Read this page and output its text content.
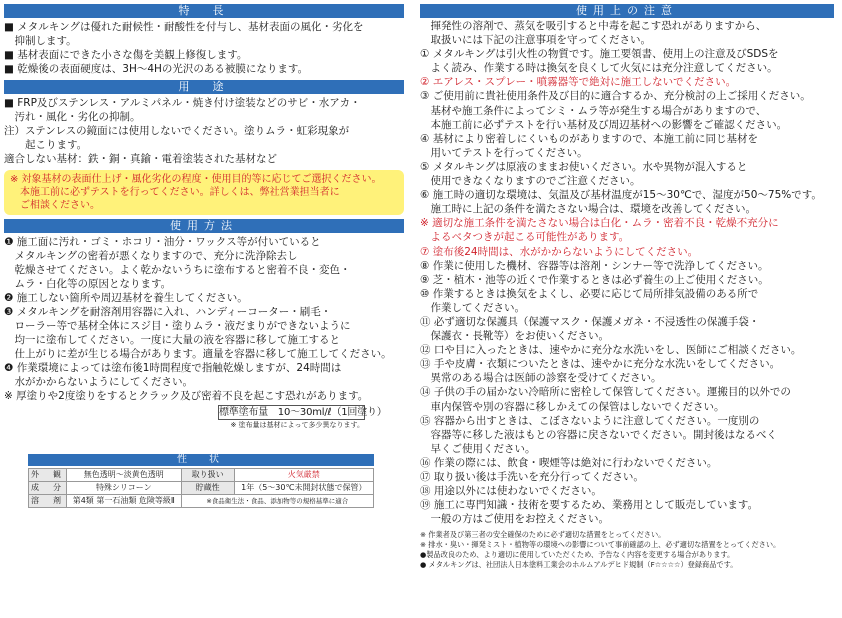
特　長
■ メタルキングは優れた耐候性・耐酸性を付与し、基材表面の風化・劣化を
　抑制します。
■ 基材表面にできた小さな傷を美観上修復します。
■ 乾燥後の表面硬度は、3H〜4Hの光沢のある被膜になります。
用　途
■ FRP及びステンレス・アルミパネル・焼き付け塗装などのサビ・水アカ・
　汚れ・風化・劣化の抑制。
注）ステンレスの鏡面には使用しないでください。塗りムラ・虹彩現象が
　　起こります。
適合しない基材：鉄・銅・真鍮・電着塗装された基材など
※ 対象基材の表面仕上げ・風化劣化の程度・使用目的等に応じてご選択ください。
　本施工前に必ずテストを行ってください。詳しくは、弊社営業担当者に
　ご相談ください。
使用方法
❶ 施工面に汚れ・ゴミ・ホコリ・油分・ワックス等が付いていると
　メタルキングの密着が悪くなりますので、充分に洗浄除去し
　乾燥させてください。よく乾かないうちに塗布すると密着不良・変色・
　ムラ・白化等の原因となります。
❷ 施工しない箇所や周辺基材を養生してください。
❸ メタルキングを耐溶剤用容器に入れ、ハンディーコーター・刷毛・
　ローラー等で基材全体にスジ目・塗りムラ・液だまりができないように
　均一に塗布してください。一度に大量の液を容器に移して施工すると
　仕上がりに差が生じる場合があります。適量を容器に移して施工してください。
❹ 作業環境によっては塗布後1時間程度で指触乾燥しますが、24時間は
　水がかからないようにしてください。
※ 厚塗りや2度塗りをするとクラック及び密着不良を起こす恐れがあります。
標準塗布量　10〜30ml/ℓ（1回塗り）
※ 塗布量は基材によって多少異なります。
性　状
外　観	無色透明〜淡黄色透明	取り扱い	火気厳禁
成　分	特殊シリコーン	貯蔵性	1年（5〜30℃未開封状態で保管）
溶　剤	第4類 第一石油類 危険等級Ⅱ	※食品衛生法・食品、添加物等の規格基準に適合	
使用上の注意
　揮発性の溶剤で、蒸気を吸引すると中毒を起こす恐れがありますから、
　取扱いには下記の注意事項を守ってください。
① メタルキングは引火性の物質です。施工要領書、使用上の注意及びSDSを
　よく読み、作業する時は換気を良くして火気には充分注意してください。
② エアレス・スプレー・噴霧器等で絶対に施工しないでください。
③ ご使用前に貴社使用条件及び目的に適合するか、充分検討の上ご採用ください。
　基材や施工条件によってシミ・ムラ等が発生する場合がありますので、
　本施工前に必ずテストを行い基材及び周辺基材への影響をご確認ください。
④ 基材により密着しにくいものがありますので、本施工前に同じ基材を
　用いてテストを行ってください。
⑤ メタルキングは原液のままお使いください。水や異物が混入すると
　使用できなくなりますのでご注意ください。
⑥ 施工時の適切な環境は、気温及び基材温度が15〜30℃で、湿度が50〜75%です。
　施工時に上記の条件を満たさない場合は、環境を改善してください。
※ 適切な施工条件を満たさない場合は白化・ムラ・密着不良・乾燥不充分に
　よるベタつきが起こる可能性があります。
⑦ 塗布後24時間は、水がかからないようにしてください。
⑧ 作業に使用した機材、容器等は溶剤・シンナー等で洗浄してください。
⑨ 芝・植木・池等の近くで作業するときは必ず養生の上ご使用ください。
⑩ 作業するときは換気をよくし、必要に応じて局所排気設備のある所で
　作業してください。
⑪ 必ず適切な保護具（保護マスク・保護メガネ・不浸透性の保護手袋・
　保護衣・長靴等）をお使いください。
⑫ 口や目に入ったときは、速やかに充分な水洗いをし、医師にご相談ください。
⑬ 手や皮膚・衣類についたときは、速やかに充分な水洗いをしてください。
　異常のある場合は医師の診察を受けてください。
⑭ 子供の手の届かない冷暗所に密栓して保管してください。運搬目的以外での
　車内保管や別の容器に移しかえての保管はしないでください。
⑮ 容器から出すときは、こぼさないように注意してください。一度別の
　容器等に移した液はもとの容器に戻さないでください。開封後はなるべく
　早くご使用ください。
⑯ 作業の際には、飲食・喫煙等は絶対に行わないでください。
⑰ 取り扱い後は手洗いを充分行ってください。
⑱ 用途以外には使わないでください。
⑲ 施工に専門知識・技術を要するため、業務用として販売しています。
　一般の方はご使用をお控えください。
※ 作業者及び第三者の安全確保のために必ず適切な措置をとってください。
※ 排水・臭い・揮発ミスト・植物等の環境への影響について事前確認の上、必ず適切な措置をとってください。
●製品改良のため、より適切に使用していただくため、予告なく内容を変更する場合があります。
● メタルキングは、社団法人日本塗料工業会のホルムアルデヒド規制（F☆☆☆☆）登録商品です。
